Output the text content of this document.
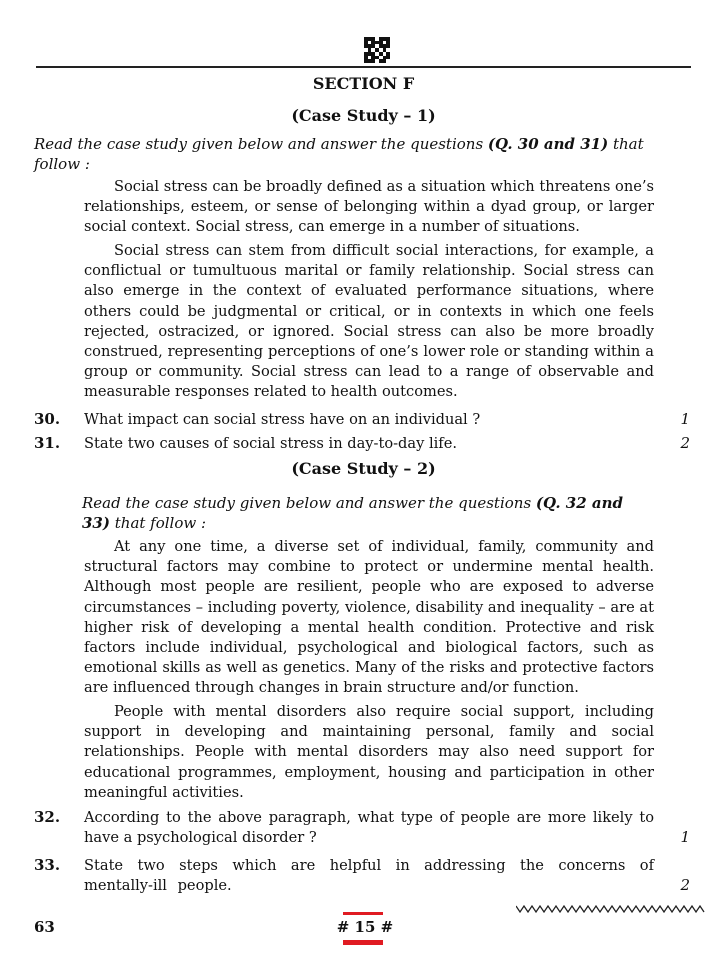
SECTION F
(Case Study – 1)
Read the case study given below and answer the questions (Q. 30 and 31) that follow :

Social stress can be broadly defined as a situation which threatens one’s relationships, esteem, or sense of belonging within a dyad group, or larger social context. Social stress, can emerge in a number of situations.

Social stress can stem from difficult social interactions, for example, a conflictual or tumultuous marital or family relationship. Social stress can also emerge in the context of evaluated performance situations, where others could be judgmental or critical, or in contexts in which one feels rejected, ostracized, or ignored. Social stress can also be more broadly construed, representing perceptions of one’s lower role or standing within a group or community. Social stress can lead to a range of observable and measurable responses related to health outcomes.

30. What impact can social stress have on an individual ?	1
31. State two causes of social stress in day-to-day life.	2
(Case Study – 2)
Read the case study given below and answer the questions (Q. 32 and 33) that follow :

At any one time, a diverse set of individual, family, community and structural factors may combine to protect or undermine mental health. Although most people are resilient, people who are exposed to adverse circumstances – including poverty, violence, disability and inequality – are at higher risk of developing a mental health condition. Protective and risk factors include individual, psychological and biological factors, such as emotional skills as well as genetics. Many of the risks and protective factors are influenced through changes in brain structure and/or function.

People with mental disorders also require social support, including support in developing and maintaining personal, family and social relationships. People with mental disorders may also need support for educational programmes, employment, housing and participation in other meaningful activities.

32. According to the above paragraph, what type of people are more likely to have a psychological disorder ?	1
33. State two steps which are helpful in addressing the concerns of mentally-ill people.	2
63	# 15 #
